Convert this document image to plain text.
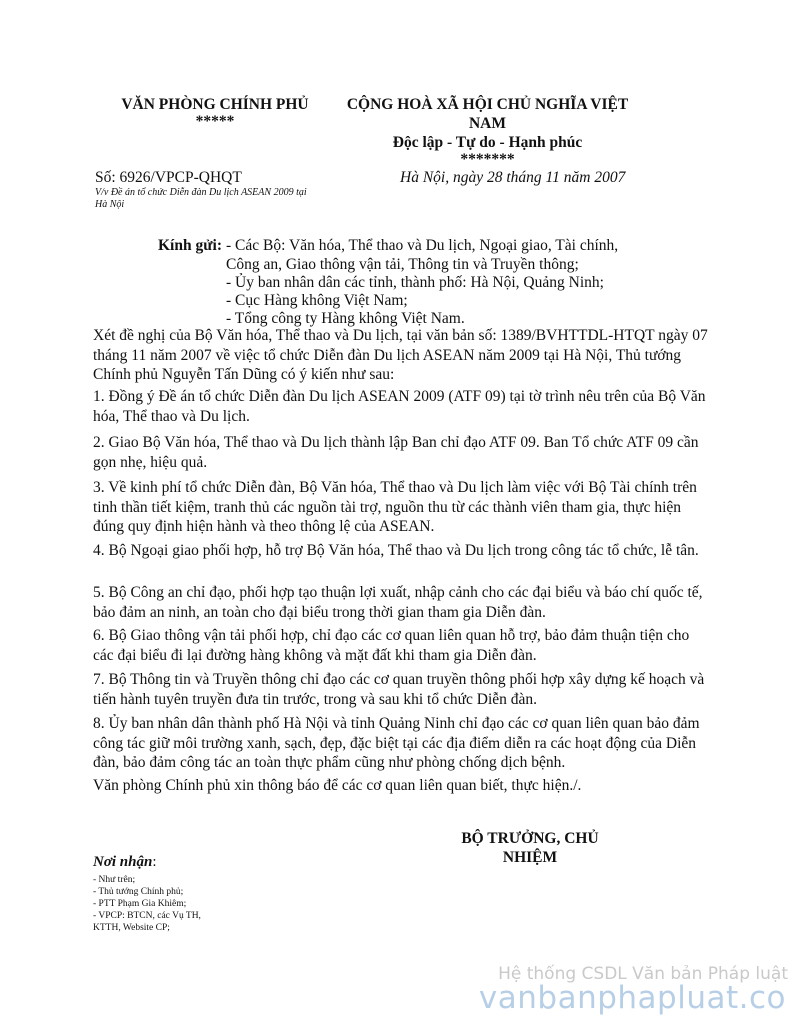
VĂN PHÒNG CHÍNH PHỦ
*****
CỘNG HOÀ XÃ HỘI CHỦ NGHĨA VIỆT
NAM
Độc lập - Tự do - Hạnh phúc
*******
Số: 6926/VPCP-QHQT
V/v Đề án tổ chức Diễn đàn Du lịch ASEAN 2009 tại
Hà Nội
Hà Nội, ngày 28 tháng 11 năm 2007
Kính gửi: - Các Bộ: Văn hóa, Thể thao và Du lịch, Ngoại giao, Tài chính,
Công an, Giao thông vận tải, Thông tin và Truyền thông;
- Ủy ban nhân dân các tỉnh, thành phố: Hà Nội, Quảng Ninh;
- Cục Hàng không Việt Nam;
- Tổng công ty Hàng không Việt Nam.

Xét đề nghị của Bộ Văn hóa, Thể thao và Du lịch, tại văn bản số: 1389/BVHTTDL-HTQT ngày 07 tháng 11 năm 2007 về việc tổ chức Diễn đàn Du lịch ASEAN năm 2009 tại Hà Nội, Thủ tướng Chính phủ Nguyễn Tấn Dũng có ý kiến như sau:

1. Đồng ý Đề án tổ chức Diễn đàn Du lịch ASEAN 2009 (ATF 09) tại tờ trình nêu trên của Bộ Văn hóa, Thể thao và Du lịch.

2. Giao Bộ Văn hóa, Thể thao và Du lịch thành lập Ban chỉ đạo ATF 09. Ban Tổ chức ATF 09 cần gọn nhẹ, hiệu quả.

3. Về kinh phí tổ chức Diễn đàn, Bộ Văn hóa, Thể thao và Du lịch làm việc với Bộ Tài chính trên tinh thần tiết kiệm, tranh thủ các nguồn tài trợ, nguồn thu từ các thành viên tham gia, thực hiện đúng quy định hiện hành và theo thông lệ của ASEAN.

4. Bộ Ngoại giao phối hợp, hỗ trợ Bộ Văn hóa, Thể thao và Du lịch trong công tác tổ chức, lễ tân.

5. Bộ Công an chỉ đạo, phối hợp tạo thuận lợi xuất, nhập cảnh cho các đại biểu và báo chí quốc tế, bảo đảm an ninh, an toàn cho đại biểu trong thời gian tham gia Diễn đàn.

6. Bộ Giao thông vận tải phối hợp, chỉ đạo các cơ quan liên quan hỗ trợ, bảo đảm thuận tiện cho các đại biểu đi lại đường hàng không và mặt đất khi tham gia Diễn đàn.

7. Bộ Thông tin và Truyền thông chỉ đạo các cơ quan truyền thông phối hợp xây dựng kế hoạch và tiến hành tuyên truyền đưa tin trước, trong và sau khi tổ chức Diễn đàn.

8. Ủy ban nhân dân thành phố Hà Nội và tỉnh Quảng Ninh chỉ đạo các cơ quan liên quan bảo đảm công tác giữ môi trường xanh, sạch, đẹp, đặc biệt tại các địa điểm diễn ra các hoạt động của Diễn đàn, bảo đảm công tác an toàn thực phẩm cũng như phòng chống dịch bệnh.

Văn phòng Chính phủ xin thông báo để các cơ quan liên quan biết, thực hiện./.

BỘ TRƯỞNG, CHỦ
NHIỆM
Nơi nhận:
- Như trên;
- Thủ tướng Chính phủ;
- PTT Phạm Gia Khiêm;
- VPCP: BTCN, các Vụ TH,
KTTH, Website CP;
Hệ thống CSDL Văn bản Pháp luật
vanbanphapluat.co
